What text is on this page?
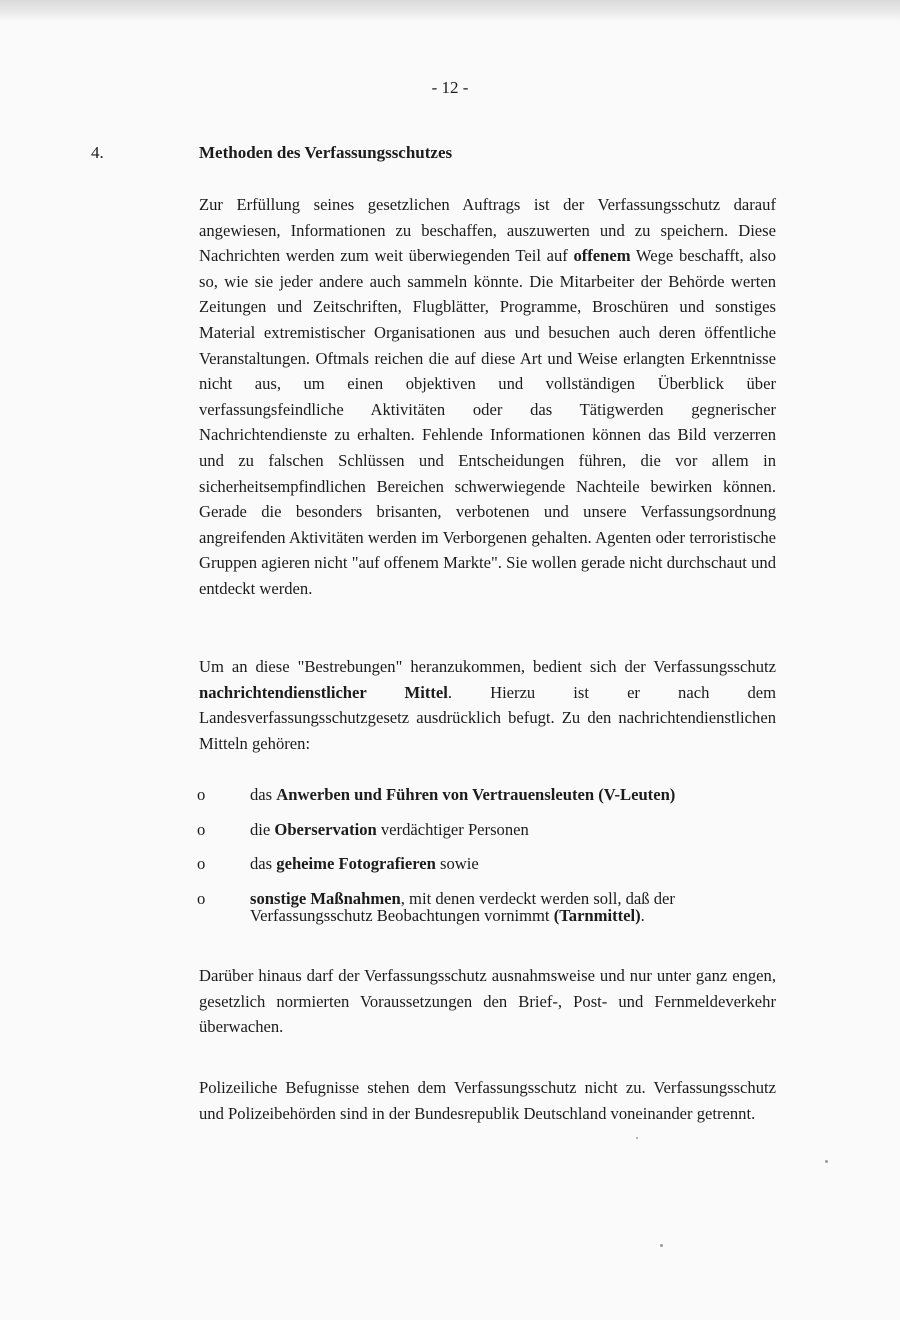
- 12 -
4.	Methoden des Verfassungsschutzes

Zur Erfüllung seines gesetzlichen Auftrags ist der Verfassungsschutz darauf angewiesen, Informationen zu beschaffen, auszuwerten und zu speichern. Diese Nachrichten werden zum weit überwiegenden Teil auf offenem Wege beschafft, also so, wie sie jeder andere auch sammeln könnte. Die Mitarbeiter der Behörde werten Zeitungen und Zeitschriften, Flugblätter, Programme, Broschüren und sonstiges Material extremistischer Organisationen aus und besuchen auch deren öffentliche Veranstaltungen. Oftmals reichen die auf diese Art und Weise erlangten Erkenntnisse nicht aus, um einen objektiven und vollständigen Überblick über verfassungsfeindliche Aktivitäten oder das Tätigwerden gegnerischer Nachrichtendienste zu erhalten. Fehlende Informationen können das Bild verzerren und zu falschen Schlüssen und Entscheidungen führen, die vor allem in sicherheitsempfindlichen Bereichen schwerwiegende Nachteile bewirken können. Gerade die besonders brisanten, verbotenen und unsere Verfassungsordnung angreifenden Aktivitäten werden im Verborgenen gehalten. Agenten oder terroristische Gruppen agieren nicht "auf offenem Markte". Sie wollen gerade nicht durchschaut und entdeckt werden.

Um an diese "Bestrebungen" heranzukommen, bedient sich der Verfassungsschutz nachrichtendienstlicher Mittel. Hierzu ist er nach dem Landesverfassungsschutzgesetz ausdrücklich befugt. Zu den nachrichtendienstlichen Mitteln gehören:

o	das Anwerben und Führen von Vertrauensleuten (V-Leuten)
o	die Oberservation verdächtiger Personen
o	das geheime Fotografieren sowie
o	sonstige Maßnahmen, mit denen verdeckt werden soll, daß der Verfassungsschutz Beobachtungen vornimmt (Tarnmittel).

Darüber hinaus darf der Verfassungsschutz ausnahmsweise und nur unter ganz engen, gesetzlich normierten Voraussetzungen den Brief-, Post- und Fernmeldeverkehr überwachen.

Polizeiliche Befugnisse stehen dem Verfassungsschutz nicht zu. Verfassungsschutz und Polizeibehörden sind in der Bundesrepublik Deutschland voneinander getrennt.
